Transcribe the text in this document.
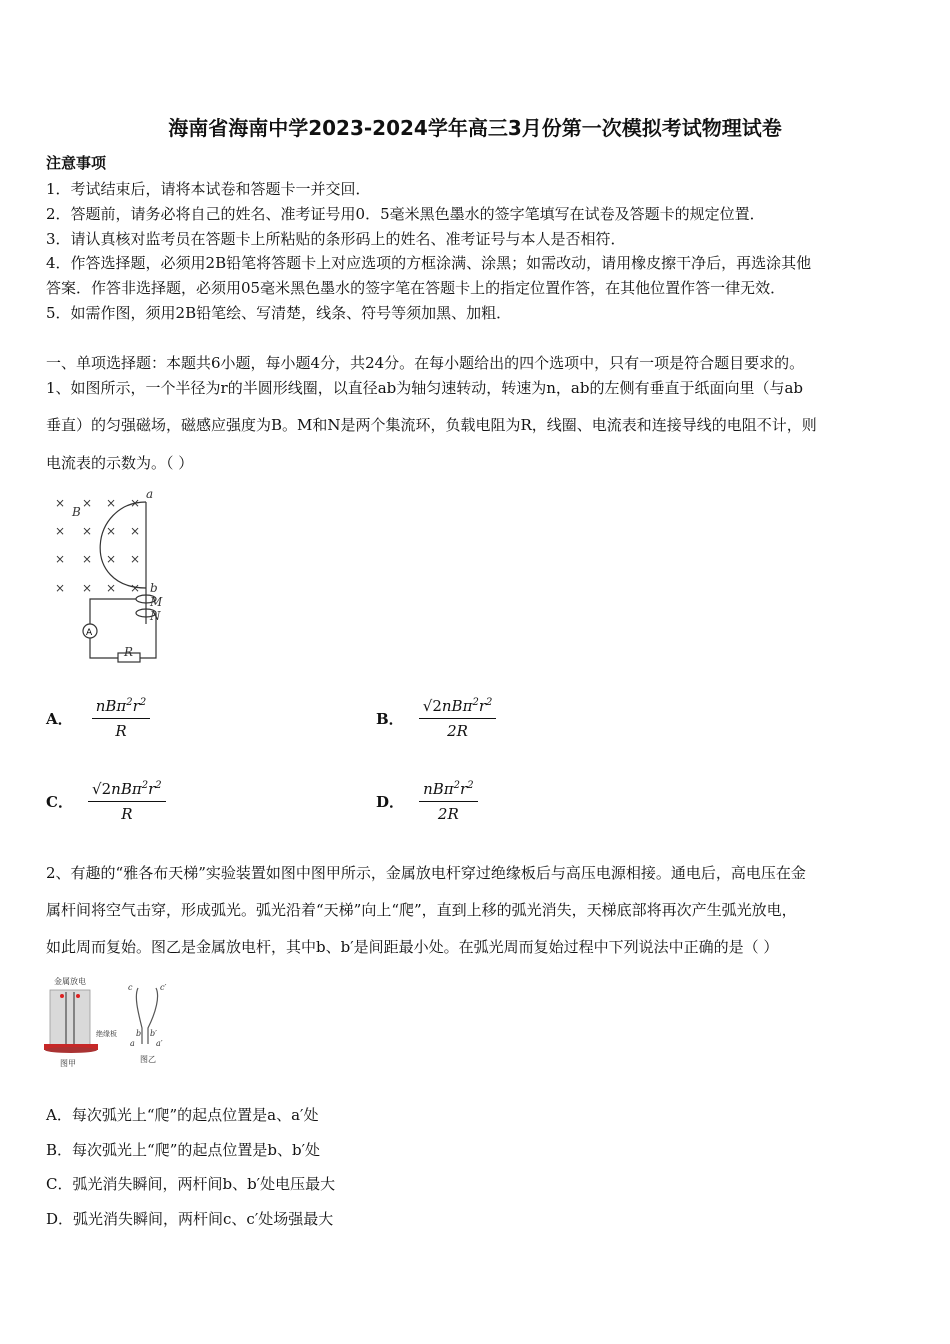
海南省海南中学2023-2024学年高三3月份第一次模拟考试物理试卷
注意事项
1．考试结束后，请将本试卷和答题卡一并交回．
2．答题前，请务必将自己的姓名、准考证号用0．5毫米黑色墨水的签字笔填写在试卷及答题卡的规定位置．
3．请认真核对监考员在答题卡上所粘贴的条形码上的姓名、准考证号与本人是否相符．
4．作答选择题，必须用2B铅笔将答题卡上对应选项的方框涂满、涂黑；如需改动，请用橡皮擦干净后，再选涂其他
答案．作答非选择题，必须用05毫米黑色墨水的签字笔在答题卡上的指定位置作答，在其他位置作答一律无效．
5．如需作图，须用2B铅笔绘、写清楚，线条、符号等须加黑、加粗．
一、单项选择题：本题共6小题，每小题4分，共24分。在每小题给出的四个选项中，只有一项是符合题目要求的。
1、如图所示，一个半径为r的半圆形线圈，以直径ab为轴匀速转动，转速为n，ab的左侧有垂直于纸面向里（与ab
垂直）的匀强磁场，磁感应强度为B。M和N是两个集流环，负载电阻为R，线圈、电流表和连接导线的电阻不计，则
电流表的示数为。（ ）
× × × ×
× × ×
×
× × × ×
× × × ×
B
a
b
M
N
R
A
A． $\frac{nB\pi^2r^2}{R}$	B． $\frac{√2nB\pi^2r^2}{2R}$
C． $\frac{√2nB\pi^2r^2}{R}$	D． $\frac{nB\pi^2r^2}{2R}$
2、有趣的“雅各布天梯”实验装置如图中图甲所示，金属放电杆穿过绝缘板后与高压电源相接。通电后，高电压在金
属杆间将空气击穿，形成弧光。弧光沿着“天梯”向上“爬”，直到上移的弧光消失，天梯底部将再次产生弧光放电，
如此周而复始。图乙是金属放电杆，其中b、b′是间距最小处。在弧光周而复始过程中下列说法中正确的是（ ）
金属放电
绝缘板
图甲
c	c′
b b′
a	a′
图乙
A．每次弧光上“爬”的起点位置是a、a′处
B．每次弧光上“爬”的起点位置是b、b′处
C．弧光消失瞬间，两杆间b、b′处电压最大
D．弧光消失瞬间，两杆间c、c′处场强最大
